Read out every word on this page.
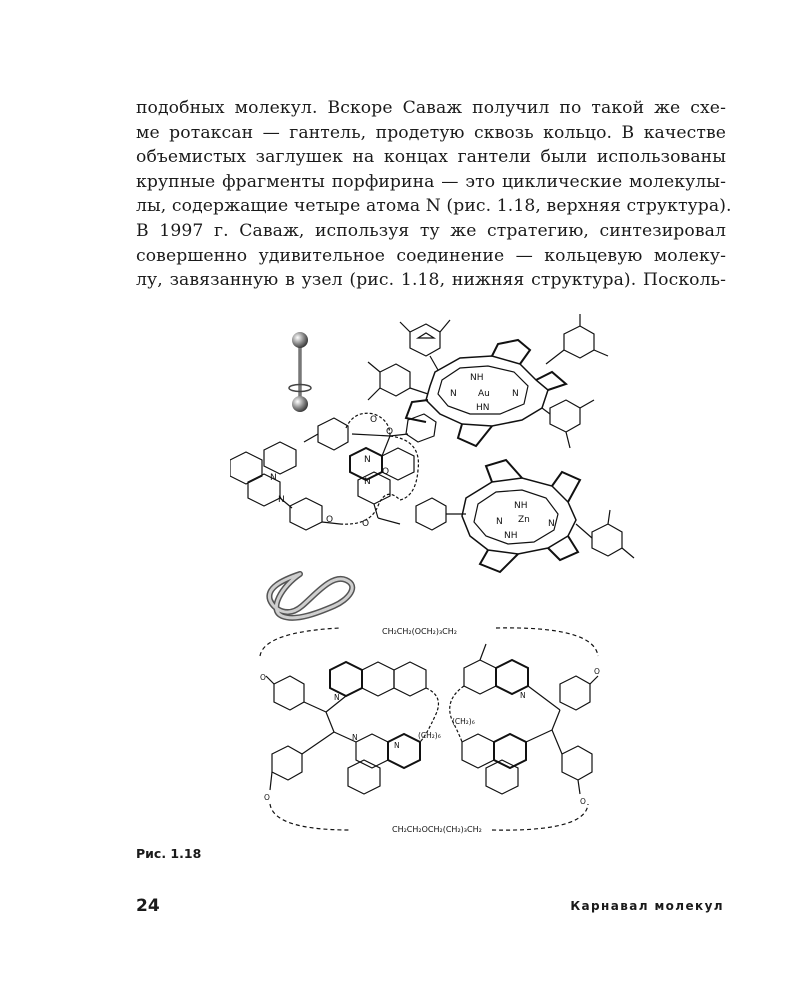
подобных молекул. Вскоре Саваж получил по такой же схе-
ме ротаксан — гантель, продетую сквозь кольцо. В качестве
объемистых заглушек на концах гантели были использованы
крупные фрагменты порфирина — это циклические молекулы-
лы, содержащие четыре атома N (рис. 1.18, верхняя структура).
В 1997 г. Саваж, используя ту же стратегию, синтезировал
совершенно удивительное соединение — кольцевую молеку-
лу, завязанную в узел (рис. 1.18, нижняя структура). Посколь-
NH
N Au N
HN
N
N
N
N
O
O
O
O	O
NH
N Zn N
NH
CH₂CH₂(OCH₂)₃CH₂
CH₂CH₂OCH₂(CH₂)₃CH₂
(CH₂)₆
(CH₂)₆
O
O
O
O
N
N
N
N
Рис. 1.18
24	Карнавал молекул
